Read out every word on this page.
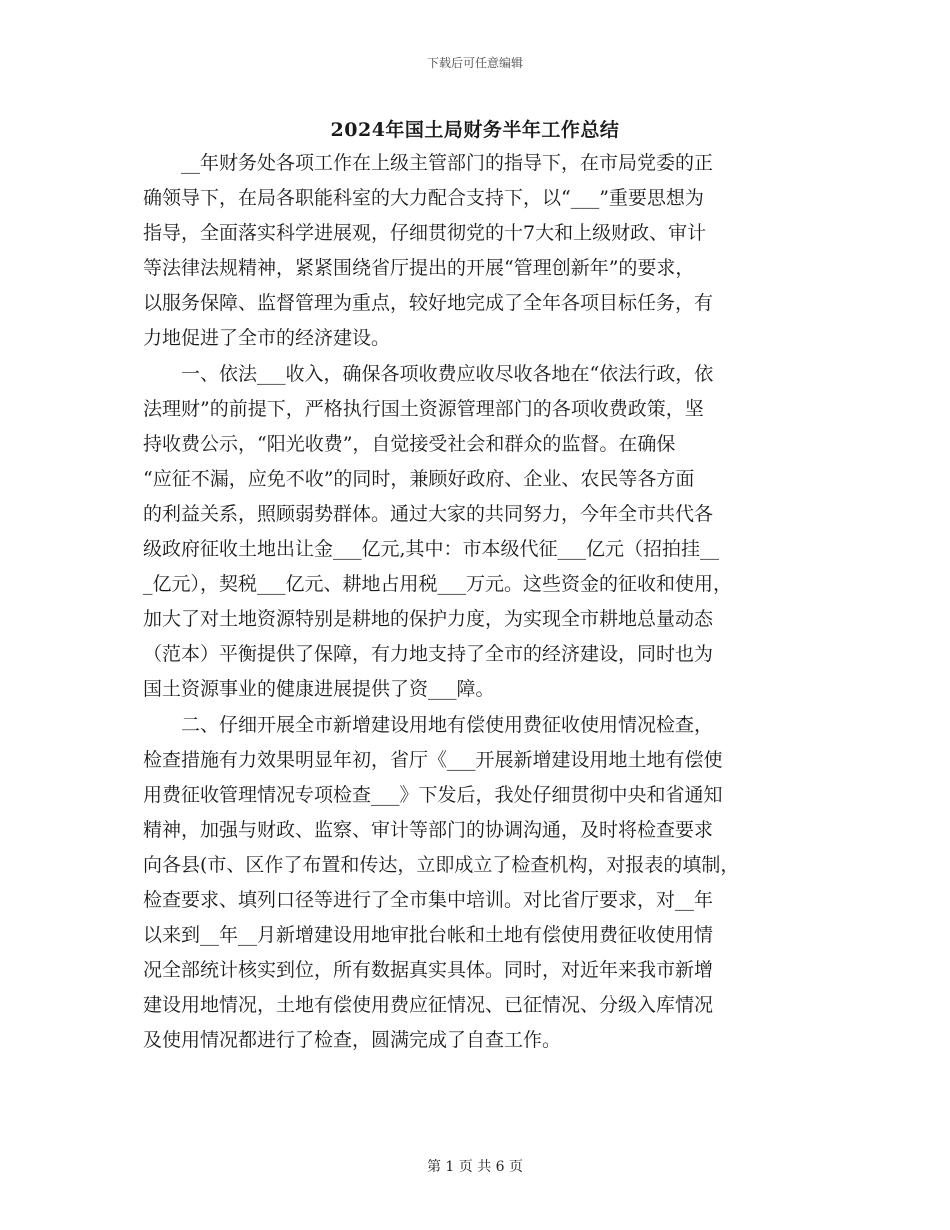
下载后可任意编辑
2024年国土局财务半年工作总结
　　__年财务处各项工作在上级主管部门的指导下，在市局党委的正
确领导下，在局各职能科室的大力配合支持下，以“___”重要思想为
指导，全面落实科学进展观，仔细贯彻党的十7大和上级财政、审计
等法律法规精神，紧紧围绕省厅提出的开展“管理创新年”的要求，
以服务保障、监督管理为重点，较好地完成了全年各项目标任务，有
力地促进了全市的经济建设。
　　一、依法___收入，确保各项收费应收尽收各地在“依法行政，依
法理财”的前提下，严格执行国土资源管理部门的各项收费政策，坚
持收费公示，“阳光收费”，自觉接受社会和群众的监督。在确保
“应征不漏，应免不收”的同时，兼顾好政府、企业、农民等各方面
的利益关系，照顾弱势群体。通过大家的共同努力，今年全市共代各
级政府征收土地出让金___亿元,其中：市本级代征___亿元（招拍挂__
_亿元），契税___亿元、耕地占用税___万元。这些资金的征收和使用，
加大了对土地资源特别是耕地的保护力度，为实现全市耕地总量动态
（范本）平衡提供了保障，有力地支持了全市的经济建设，同时也为
国土资源事业的健康进展提供了资___障。
　　二、仔细开展全市新增建设用地有偿使用费征收使用情况检查，
检查措施有力效果明显年初，省厅《___开展新增建设用地土地有偿使
用费征收管理情况专项检查___》下发后，我处仔细贯彻中央和省通知
精神，加强与财政、监察、审计等部门的协调沟通，及时将检查要求
向各县(市、区作了布置和传达，立即成立了检查机构，对报表的填制，
检查要求、填列口径等进行了全市集中培训。对比省厅要求，对__年
以来到__年__月新增建设用地审批台帐和土地有偿使用费征收使用情
况全部统计核实到位，所有数据真实具体。同时，对近年来我市新增
建设用地情况，土地有偿使用费应征情况、已征情况、分级入库情况
及使用情况都进行了检查，圆满完成了自查工作。
第 1 页 共 6 页
